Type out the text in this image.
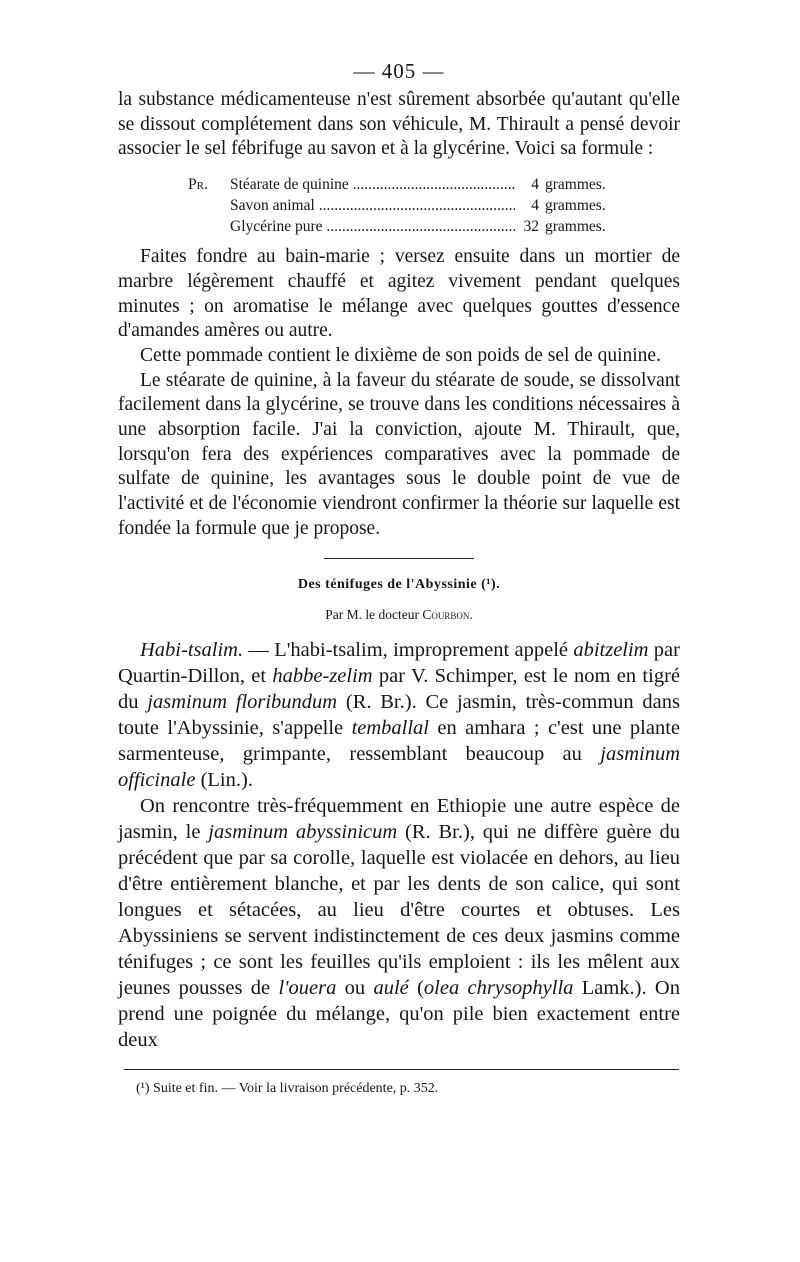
— 405 —

la substance médicamenteuse n'est sûrement absorbée qu'autant qu'elle se dissout complétement dans son véhicule, M. Thirault a pensé devoir associer le sel fébrifuge au savon et à la glycérine. Voici sa formule :

Pr.	Stéarate de quinine .....	4 grammes.
Savon animal .....	4 grammes.
Glycérine pure .....	32 grammes.

Faites fondre au bain-marie ; versez ensuite dans un mortier de marbre légèrement chauffé et agitez vivement pendant quelques minutes ; on aromatise le mélange avec quelques gouttes d'essence d'amandes amères ou autre.

Cette pommade contient le dixième de son poids de sel de quinine.

Le stéarate de quinine, à la faveur du stéarate de soude, se dissolvant facilement dans la glycérine, se trouve dans les conditions nécessaires à une absorption facile. J'ai la conviction, ajoute M. Thirault, que, lorsqu'on fera des expériences comparatives avec la pommade de sulfate de quinine, les avantages sous le double point de vue de l'activité et de l'économie viendront confirmer la théorie sur laquelle est fondée la formule que je propose.

Des ténifuges de l'Abyssinie (¹).
Par M. le docteur Courbon.

Habi-tsalim. — L'habi-tsalim, improprement appelé abitzelim par Quartin-Dillon, et habbe-zelim par V. Schimper, est le nom en tigré du jasminum floribundum (R. Br.). Ce jasmin, très-commun dans toute l'Abyssinie, s'appelle temballal en amhara ; c'est une plante sarmenteuse, grimpante, ressemblant beaucoup au jasminum officinale (Lin.).

On rencontre très-fréquemment en Ethiopie une autre espèce de jasmin, le jasminum abyssinicum (R. Br.), qui ne diffère guère du précédent que par sa corolle, laquelle est violacée en dehors, au lieu d'être entièrement blanche, et par les dents de son calice, qui sont longues et sétacées, au lieu d'être courtes et obtuses. Les Abyssiniens se servent indistinctement de ces deux jasmins comme ténifuges ; ce sont les feuilles qu'ils emploient : ils les mêlent aux jeunes pousses de l'ouera ou aulé (olea chrysophylla Lamk.). On prend une poignée du mélange, qu'on pile bien exactement entre deux

(¹) Suite et fin. — Voir la livraison précédente, p. 352.
